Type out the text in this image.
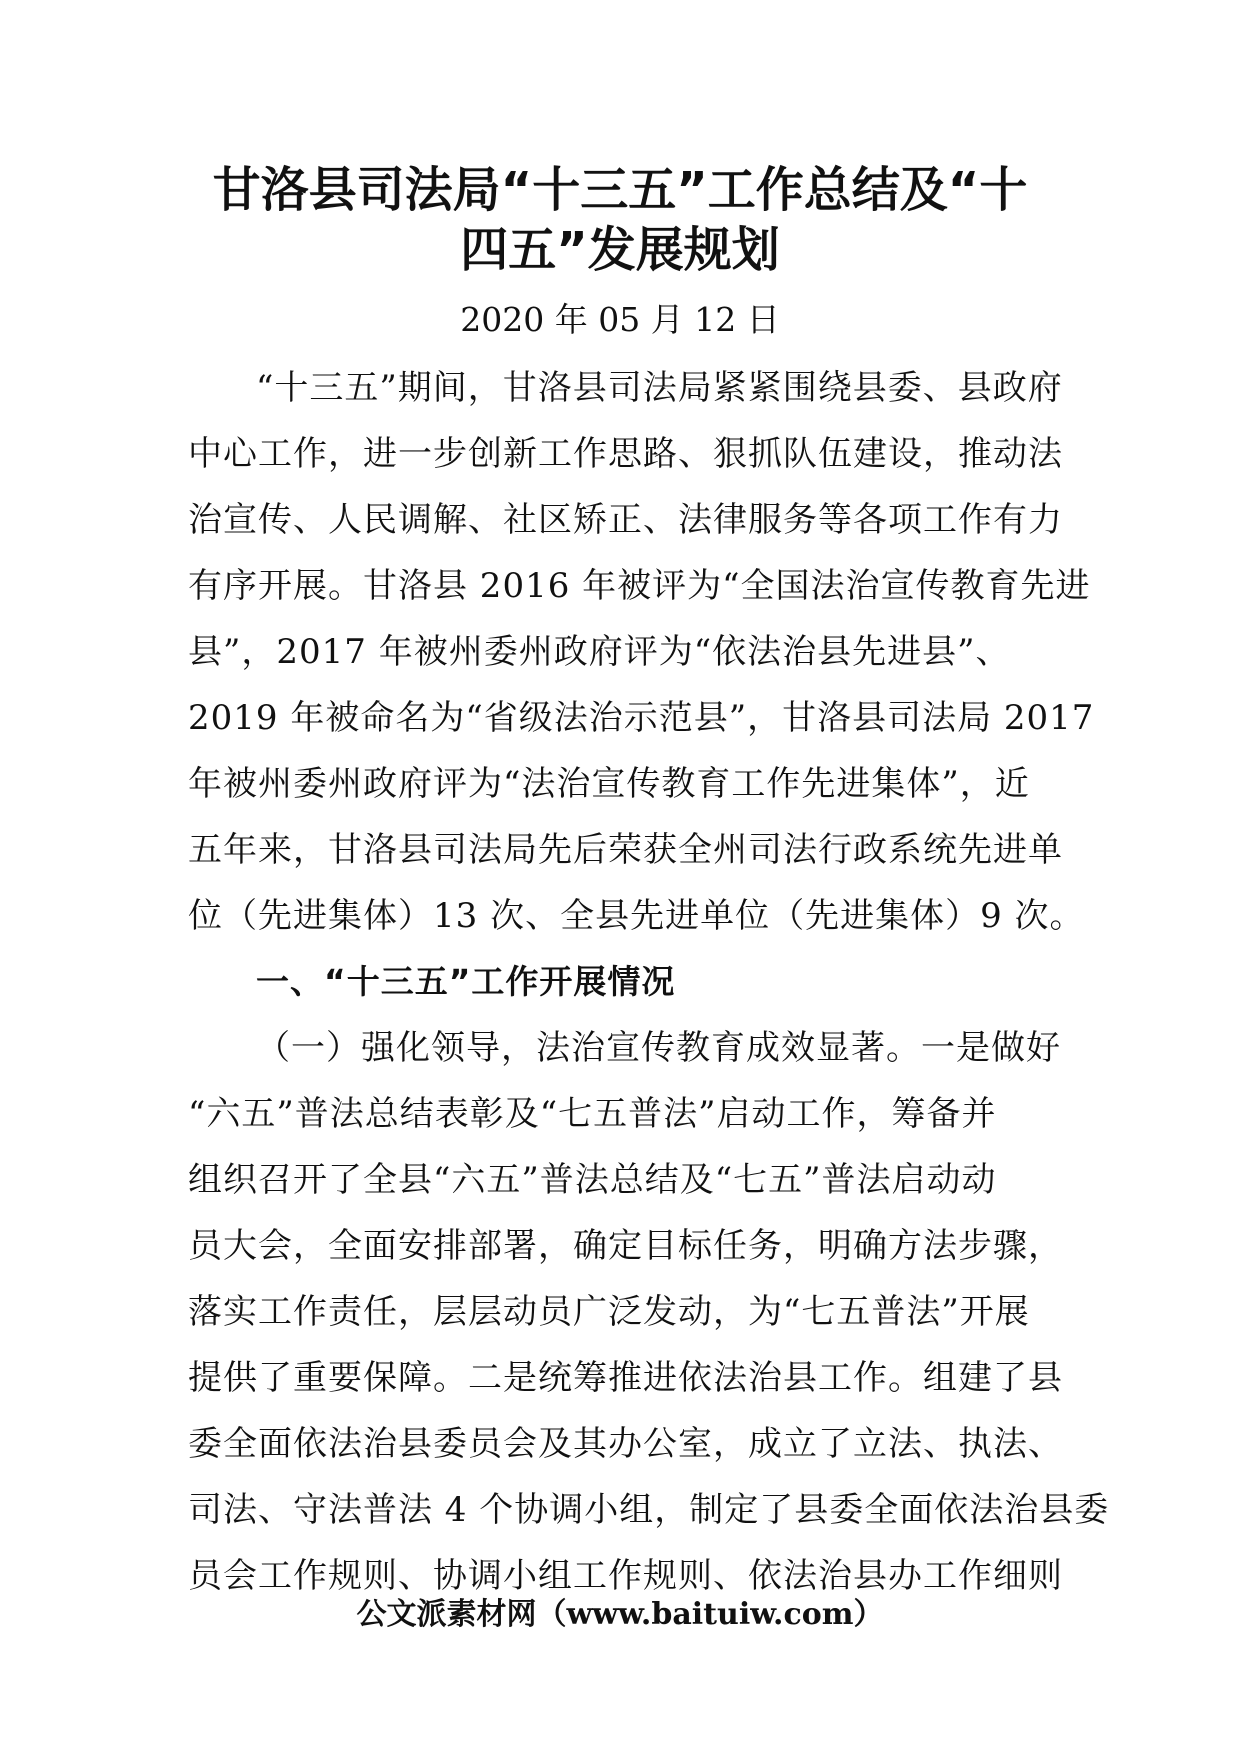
甘洛县司法局“十三五”工作总结及“十
四五”发展规划
2020 年 05 月 12 日
“十三五”期间，甘洛县司法局紧紧围绕县委、县政府
中心工作，进一步创新工作思路、狠抓队伍建设，推动法
治宣传、人民调解、社区矫正、法律服务等各项工作有力
有序开展。甘洛县 2016 年被评为“全国法治宣传教育先进
县”，2017 年被州委州政府评为“依法治县先进县”、
2019 年被命名为“省级法治示范县”，甘洛县司法局 2017
年被州委州政府评为“法治宣传教育工作先进集体”，近
五年来，甘洛县司法局先后荣获全州司法行政系统先进单
位（先进集体）13 次、全县先进单位（先进集体）9 次。
一、“十三五”工作开展情况
（一）强化领导，法治宣传教育成效显著。一是做好
“六五”普法总结表彰及“七五普法”启动工作，筹备并
组织召开了全县“六五”普法总结及“七五”普法启动动
员大会，全面安排部署，确定目标任务，明确方法步骤，
落实工作责任，层层动员广泛发动，为“七五普法”开展
提供了重要保障。二是统筹推进依法治县工作。组建了县
委全面依法治县委员会及其办公室，成立了立法、执法、
司法、守法普法 4 个协调小组，制定了县委全面依法治县委
员会工作规则、协调小组工作规则、依法治县办工作细则
公文派素材网（www.baituiw.com）
